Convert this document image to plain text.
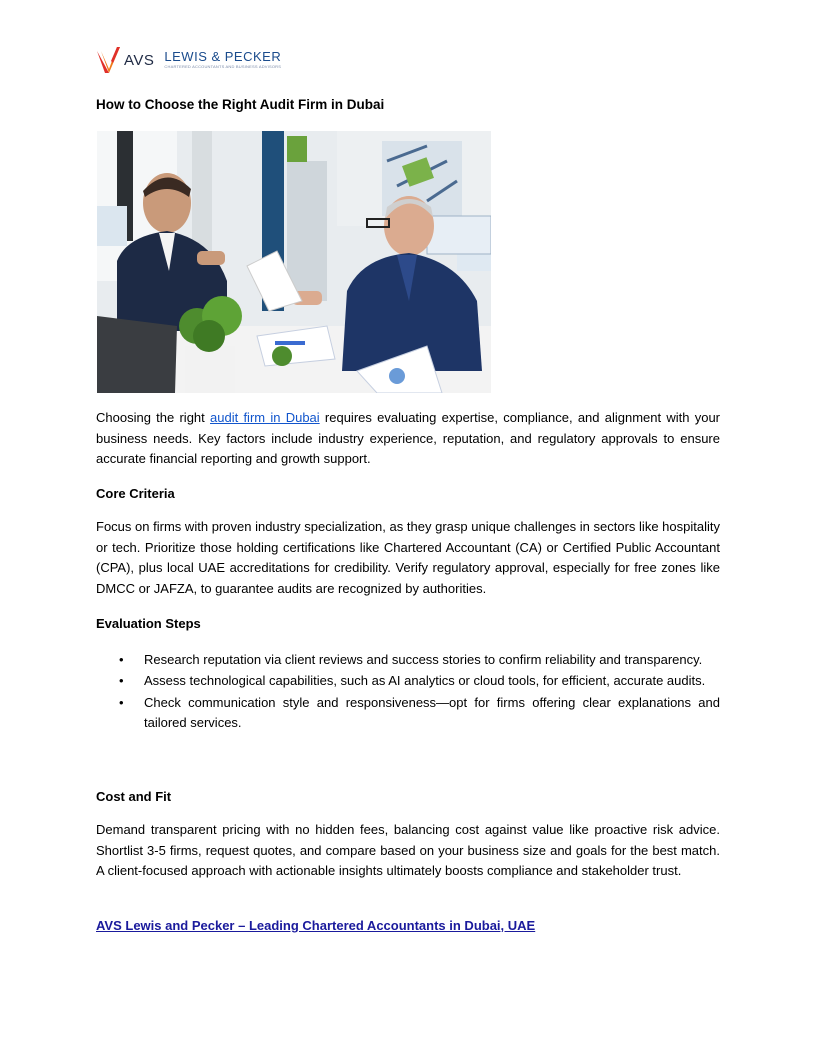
AVS LEWIS & PECKER
CHARTERED ACCOUNTANTS AND BUSINESS ADVISORS
How to Choose the Right Audit Firm in Dubai
Choosing the right audit firm in Dubai requires evaluating expertise, compliance, and alignment with your business needs. Key factors include industry experience, reputation, and regulatory approvals to ensure accurate financial reporting and growth support.
Core Criteria
Focus on firms with proven industry specialization, as they grasp unique challenges in sectors like hospitality or tech. Prioritize those holding certifications like Chartered Accountant (CA) or Certified Public Accountant (CPA), plus local UAE accreditations for credibility. Verify regulatory approval, especially for free zones like DMCC or JAFZA, to guarantee audits are recognized by authorities.
Evaluation Steps
• Research reputation via client reviews and success stories to confirm reliability and transparency.
• Assess technological capabilities, such as AI analytics or cloud tools, for efficient, accurate audits.
• Check communication style and responsiveness—opt for firms offering clear explanations and tailored services.
Cost and Fit
Demand transparent pricing with no hidden fees, balancing cost against value like proactive risk advice. Shortlist 3-5 firms, request quotes, and compare based on your business size and goals for the best match. A client-focused approach with actionable insights ultimately boosts compliance and stakeholder trust.
AVS Lewis and Pecker – Leading Chartered Accountants in Dubai, UAE
